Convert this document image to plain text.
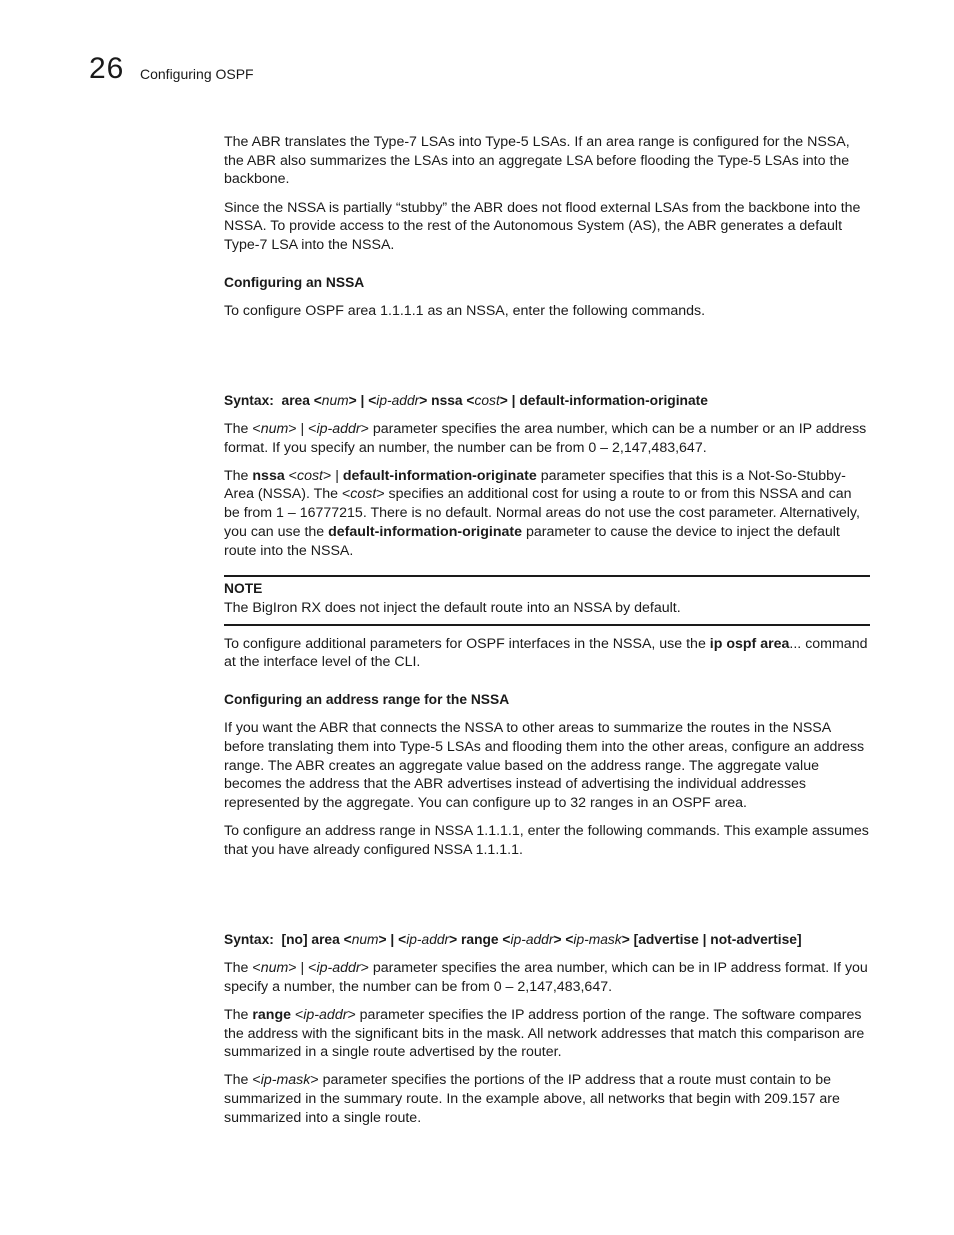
26 Configuring OSPF

The ABR translates the Type-7 LSAs into Type-5 LSAs. If an area range is configured for the NSSA, the ABR also summarizes the LSAs into an aggregate LSA before flooding the Type-5 LSAs into the backbone.

Since the NSSA is partially “stubby” the ABR does not flood external LSAs from the backbone into the NSSA. To provide access to the rest of the Autonomous System (AS), the ABR generates a default Type-7 LSA into the NSSA.

Configuring an NSSA

To configure OSPF area 1.1.1.1 as an NSSA, enter the following commands.

Syntax: area <num> | <ip-addr> nssa <cost> | default-information-originate

The <num> | <ip-addr> parameter specifies the area number, which can be a number or an IP address format. If you specify an number, the number can be from 0 – 2,147,483,647.

The nssa <cost> | default-information-originate parameter specifies that this is a Not-So-Stubby-Area (NSSA). The <cost> specifies an additional cost for using a route to or from this NSSA and can be from 1 – 16777215. There is no default. Normal areas do not use the cost parameter. Alternatively, you can use the default-information-originate parameter to cause the device to inject the default route into the NSSA.

NOTE

The BigIron RX does not inject the default route into an NSSA by default.

To configure additional parameters for OSPF interfaces in the NSSA, use the ip ospf area... command at the interface level of the CLI.

Configuring an address range for the NSSA

If you want the ABR that connects the NSSA to other areas to summarize the routes in the NSSA before translating them into Type-5 LSAs and flooding them into the other areas, configure an address range. The ABR creates an aggregate value based on the address range. The aggregate value becomes the address that the ABR advertises instead of advertising the individual addresses represented by the aggregate. You can configure up to 32 ranges in an OSPF area.

To configure an address range in NSSA 1.1.1.1, enter the following commands. This example assumes that you have already configured NSSA 1.1.1.1.

Syntax: [no] area <num> | <ip-addr> range <ip-addr> <ip-mask> [advertise | not-advertise]

The <num> | <ip-addr> parameter specifies the area number, which can be in IP address format. If you specify a number, the number can be from 0 – 2,147,483,647.

The range <ip-addr> parameter specifies the IP address portion of the range. The software compares the address with the significant bits in the mask. All network addresses that match this comparison are summarized in a single route advertised by the router.

The <ip-mask> parameter specifies the portions of the IP address that a route must contain to be summarized in the summary route. In the example above, all networks that begin with 209.157 are summarized into a single route.
